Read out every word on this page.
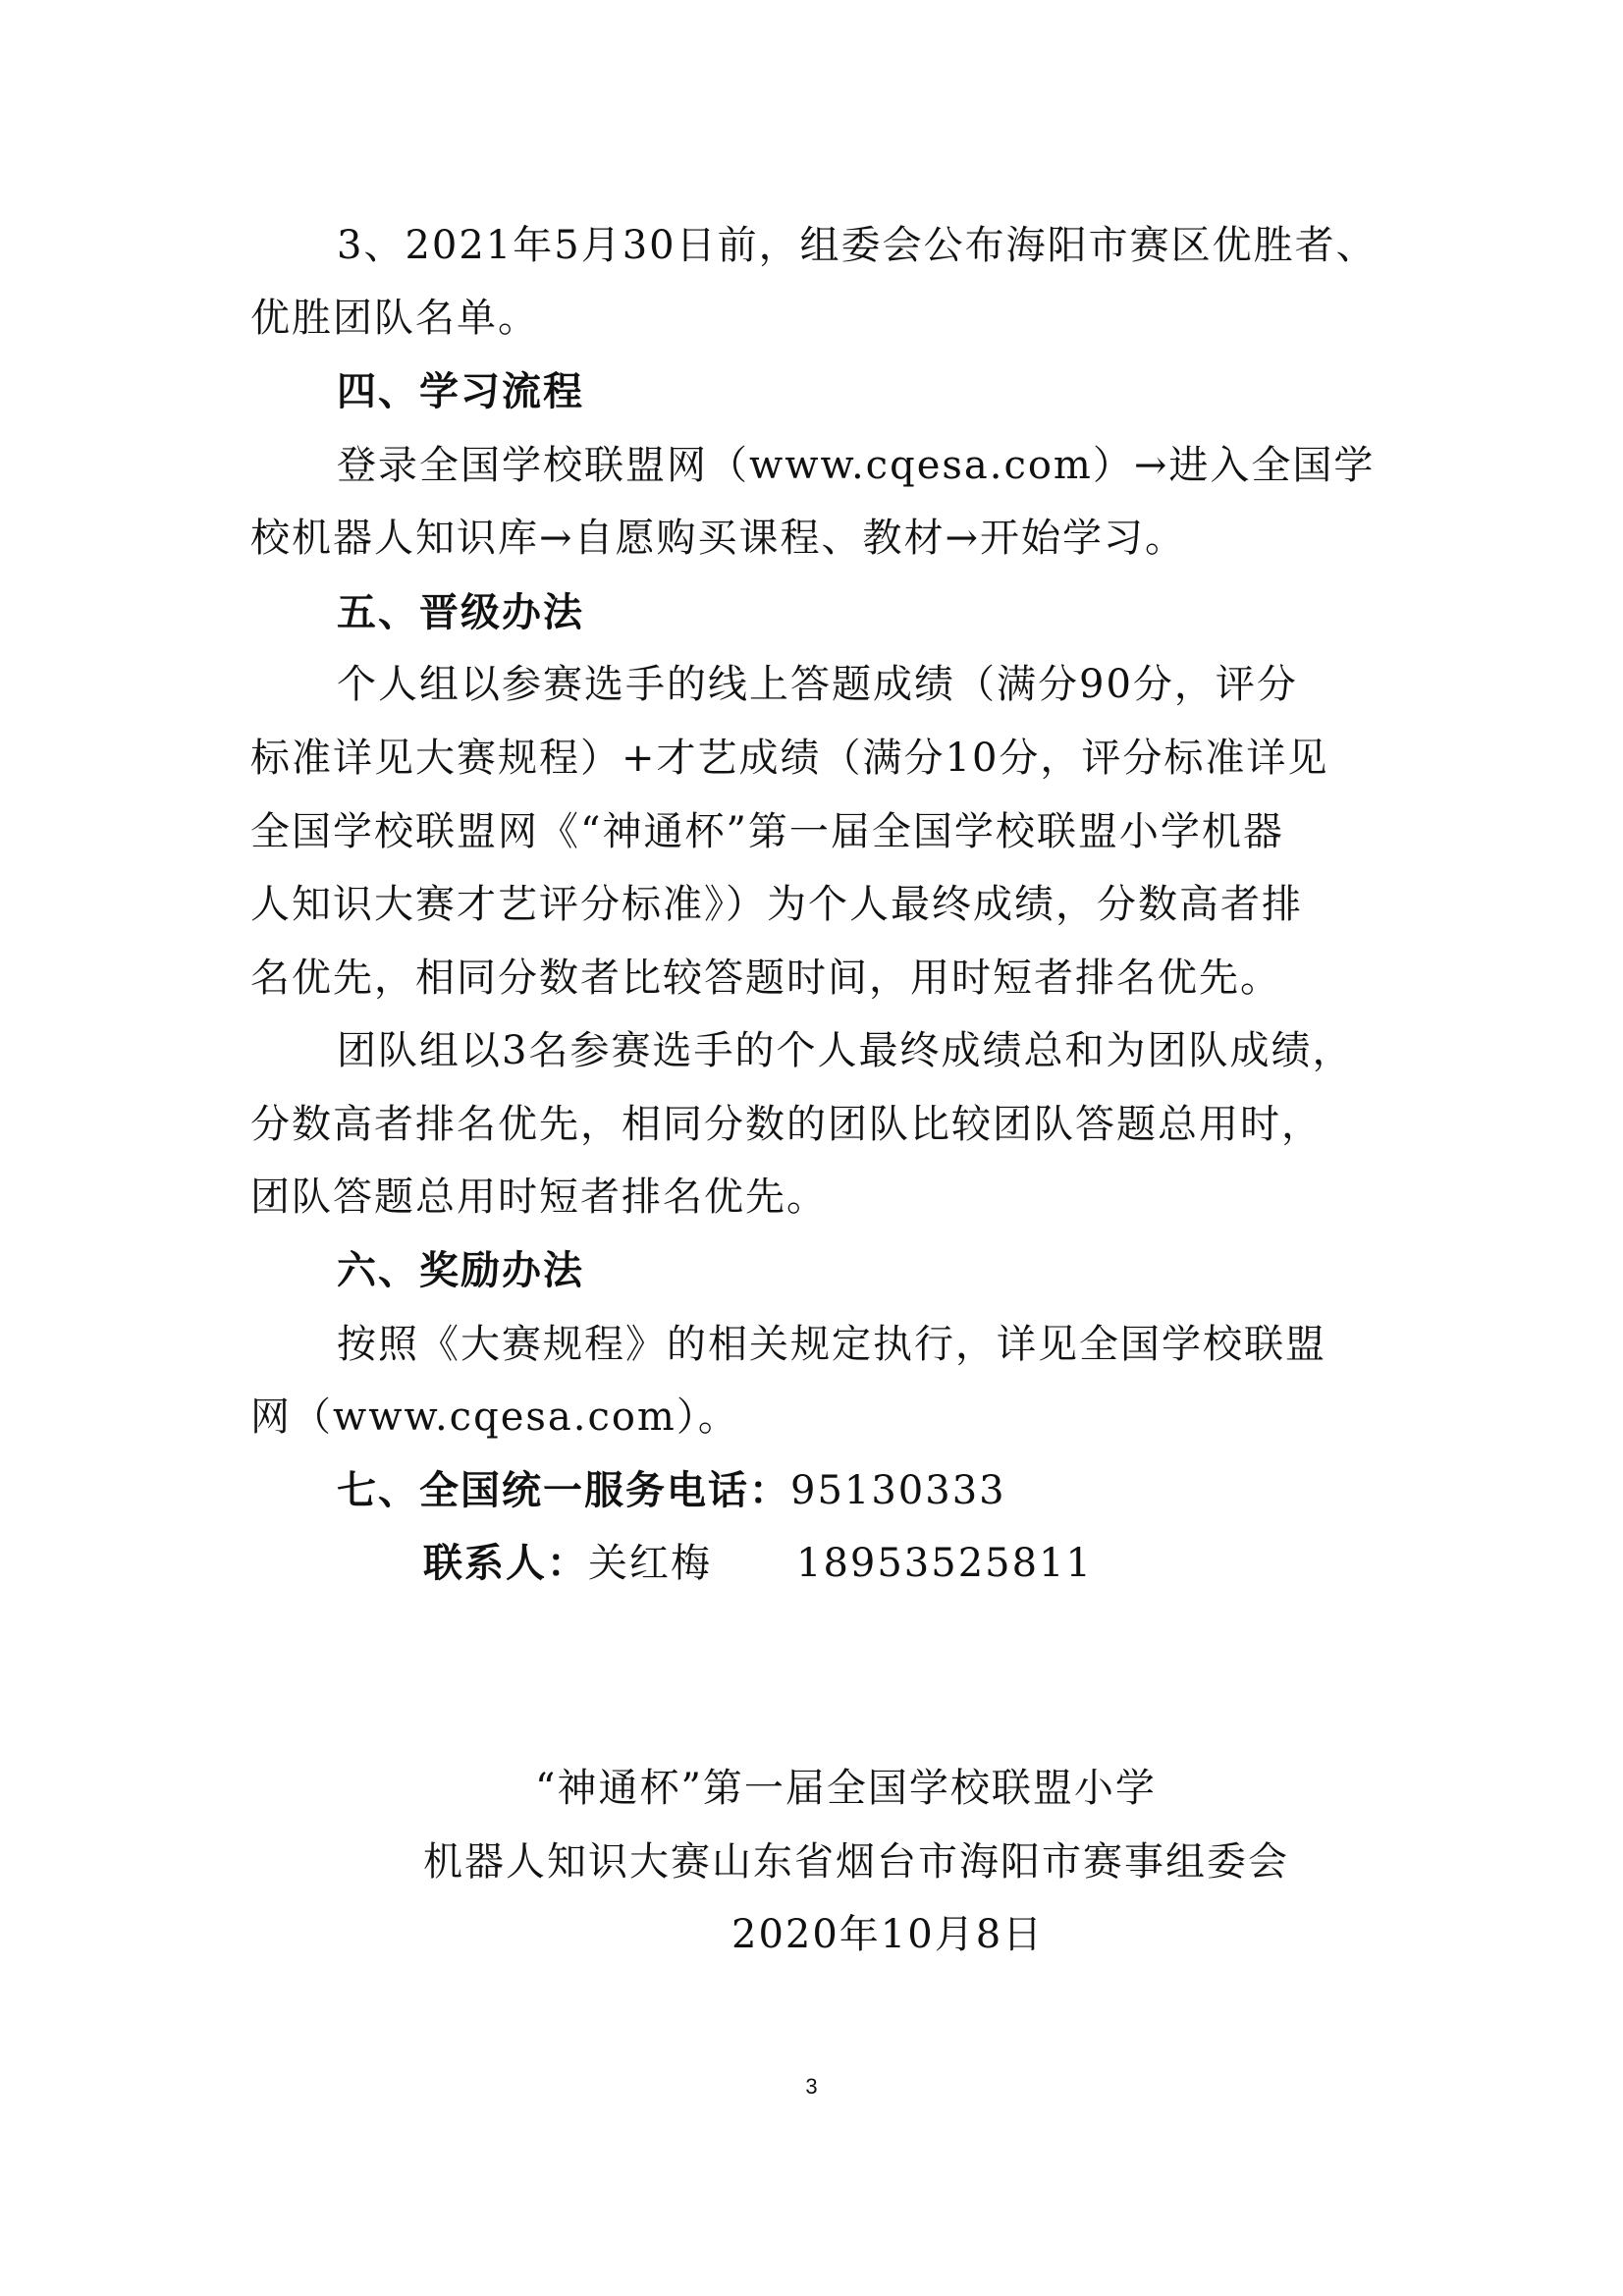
3、2021年5月30日前，组委会公布海阳市赛区优胜者、
优胜团队名单。
四、学习流程
登录全国学校联盟网（www.cqesa.com）→进入全国学
校机器人知识库→自愿购买课程、教材→开始学习。
五、晋级办法
个人组以参赛选手的线上答题成绩（满分90分，评分
标准详见大赛规程）+才艺成绩（满分10分，评分标准详见
全国学校联盟网《“神通杯”第一届全国学校联盟小学机器
人知识大赛才艺评分标准》）为个人最终成绩，分数高者排
名优先，相同分数者比较答题时间，用时短者排名优先。
团队组以3名参赛选手的个人最终成绩总和为团队成绩，
分数高者排名优先，相同分数的团队比较团队答题总用时，
团队答题总用时短者排名优先。
六、奖励办法
按照《大赛规程》的相关规定执行，详见全国学校联盟
网（www.cqesa.com）。
七、全国统一服务电话：95130333
联系人：关红梅 18953525811
“神通杯”第一届全国学校联盟小学
机器人知识大赛山东省烟台市海阳市赛事组委会
2020年10月8日
3
